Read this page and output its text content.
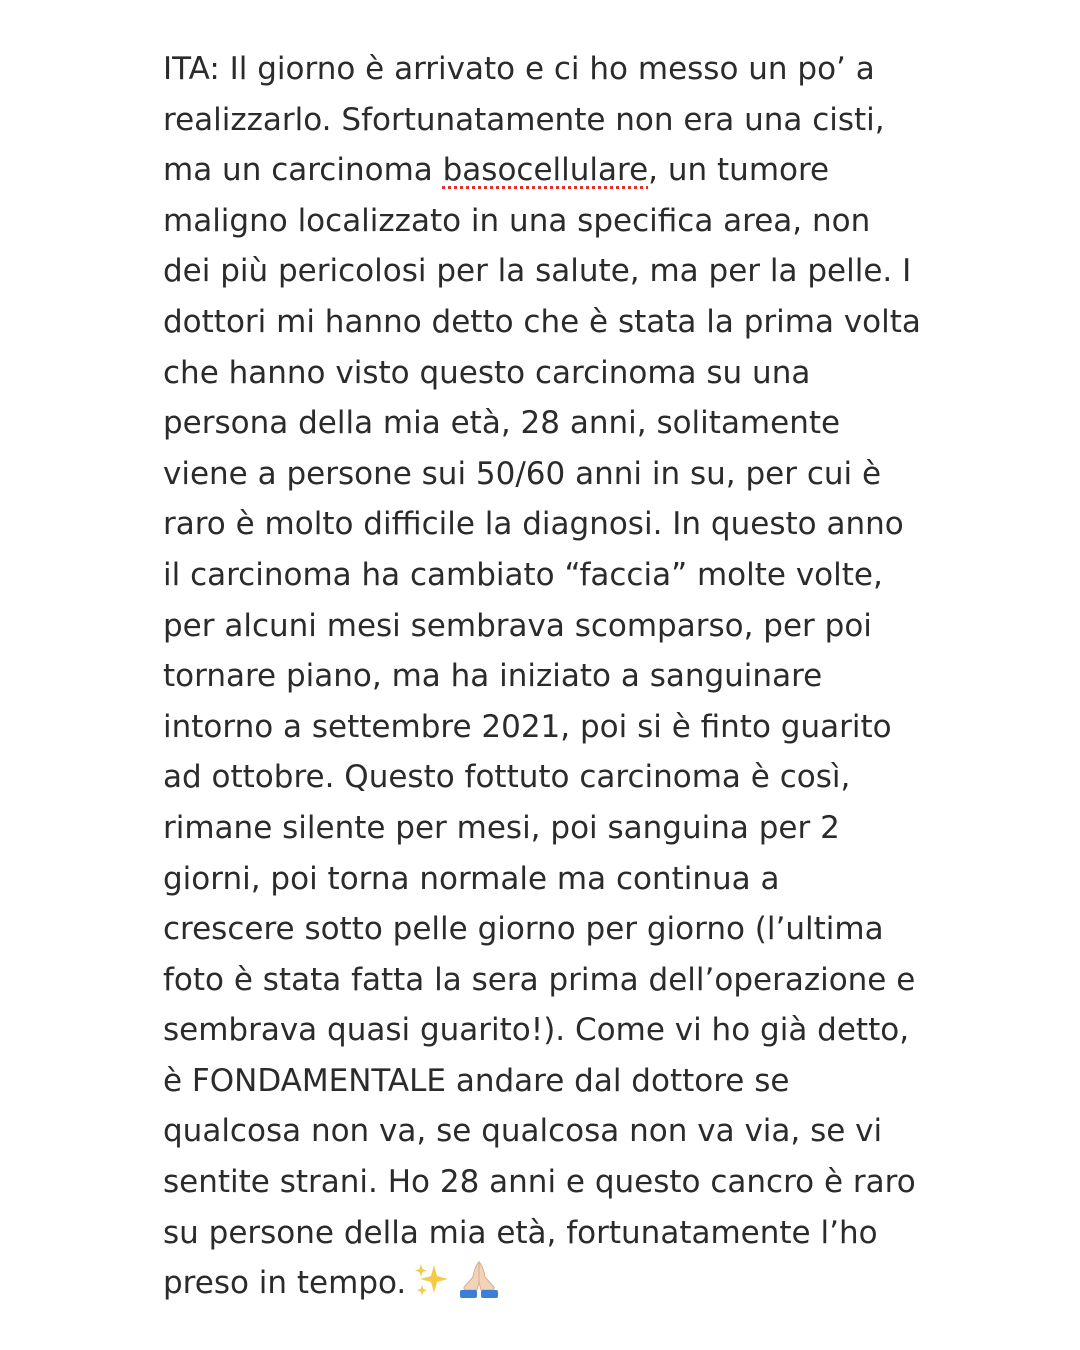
ITA: Il giorno è arrivato e ci ho messo un po’ a
realizzarlo. Sfortunatamente non era una cisti,
ma un carcinoma basocellulare, un tumore
maligno localizzato in una specifica area, non
dei più pericolosi per la salute, ma per la pelle. I
dottori mi hanno detto che è stata la prima volta
che hanno visto questo carcinoma su una
persona della mia età, 28 anni, solitamente
viene a persone sui 50/60 anni in su, per cui è
raro è molto difficile la diagnosi. In questo anno
il carcinoma ha cambiato “faccia” molte volte,
per alcuni mesi sembrava scomparso, per poi
tornare piano, ma ha iniziato a sanguinare
intorno a settembre 2021, poi si è finto guarito
ad ottobre. Questo fottuto carcinoma è così,
rimane silente per mesi, poi sanguina per 2
giorni, poi torna normale ma continua a
crescere sotto pelle giorno per giorno (l’ultima
foto è stata fatta la sera prima dell’operazione e
sembrava quasi guarito!). Come vi ho già detto,
è FONDAMENTALE andare dal dottore se
qualcosa non va, se qualcosa non va via, se vi
sentite strani. Ho 28 anni e questo cancro è raro
su persone della mia età, fortunatamente l’ho
preso in tempo.
